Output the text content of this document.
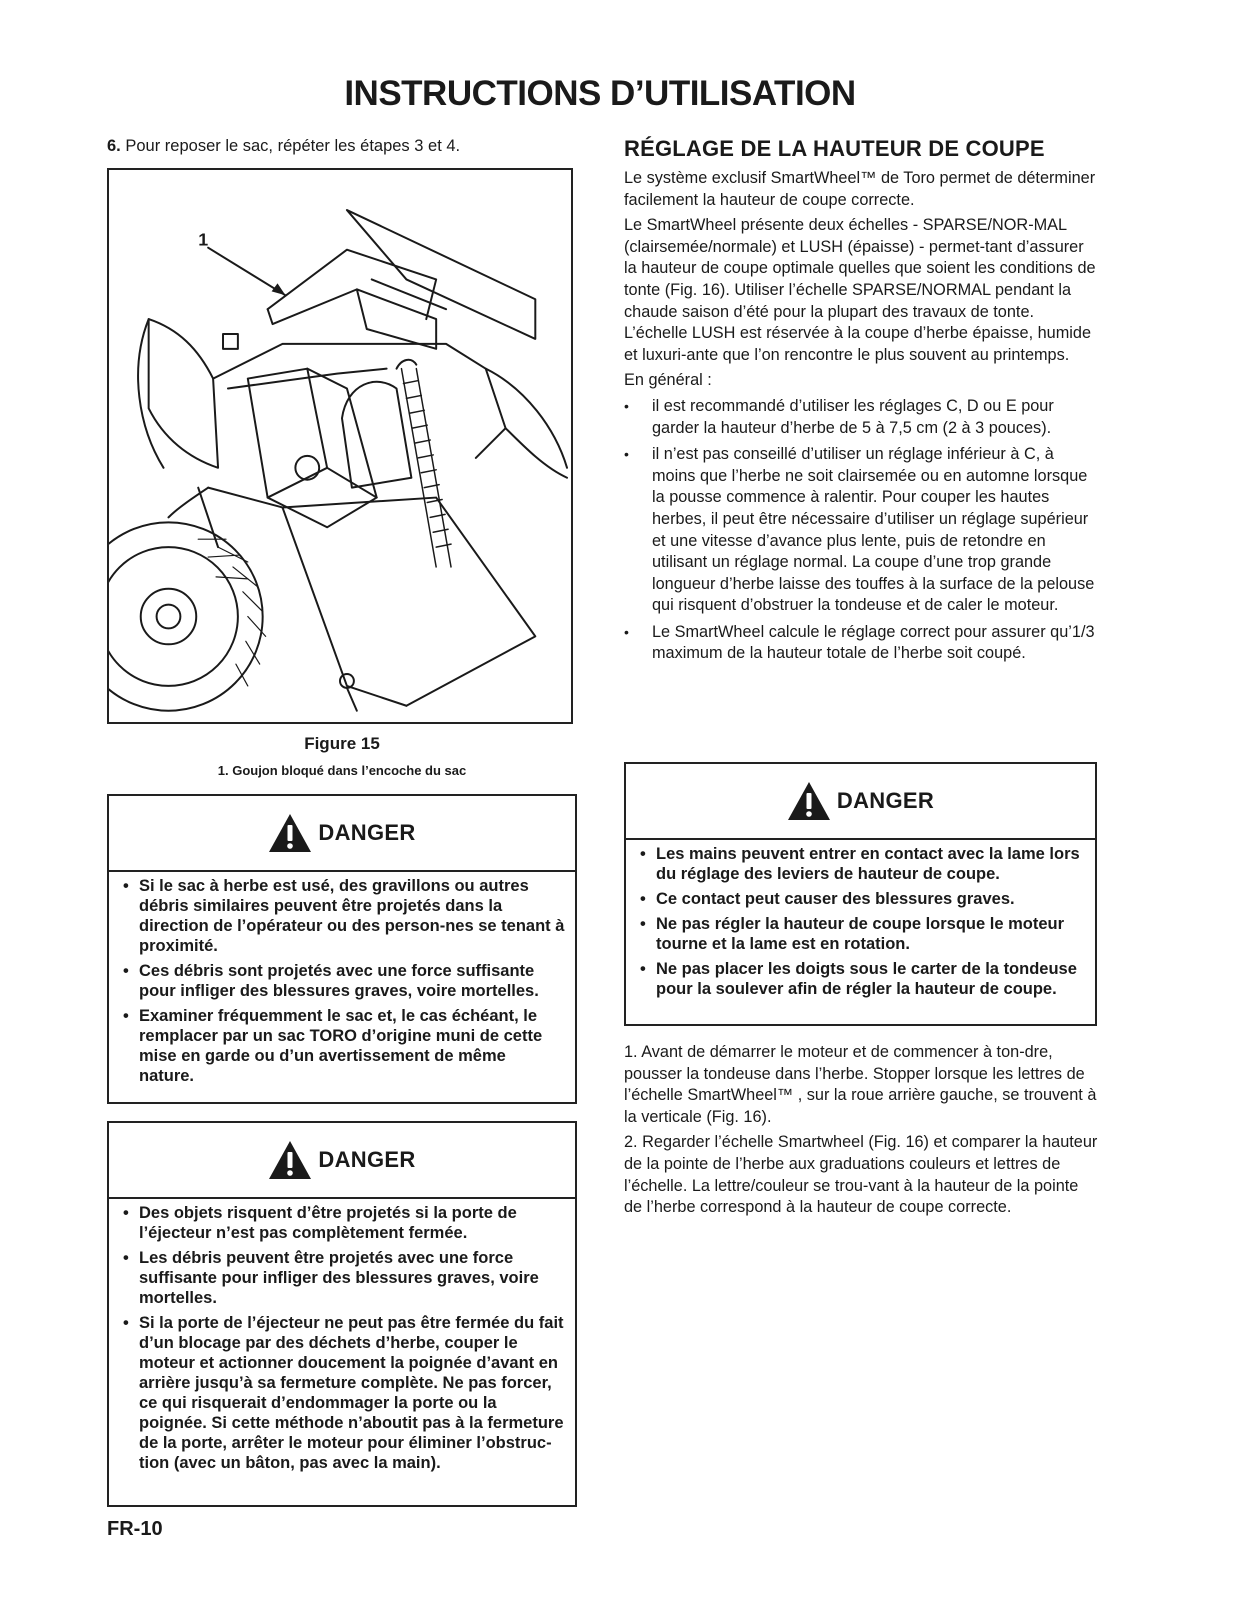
INSTRUCTIONS D’UTILISATION

6. Pour reposer le sac, répéter les étapes 3 et 4.

1
Figure 15
1. Goujon bloqué dans l’encoche du sac
DANGER
• Si le sac à herbe est usé, des gravillons ou autres débris similaires peuvent être projetés dans la direction de l’opérateur ou des person-nes se tenant à proximité.
• Ces débris sont projetés avec une force suffisante pour infliger des blessures graves, voire mortelles.
• Examiner fréquemment le sac et, le cas échéant, le remplacer par un sac TORO d’origine muni de cette mise en garde ou d’un avertissement de même nature.
DANGER
• Des objets risquent d’être projetés si la porte de l’éjecteur n’est pas complètement fermée.
• Les débris peuvent être projetés avec une force suffisante pour infliger des blessures graves, voire mortelles.
• Si la porte de l’éjecteur ne peut pas être fermée du fait d’un blocage par des déchets d’herbe, couper le moteur et actionner doucement la poignée d’avant en arrière jusqu’à sa fermeture complète. Ne pas forcer, ce qui risquerait d’endommager la porte ou la poignée. Si cette méthode n’aboutit pas à la fermeture de la porte, arrêter le moteur pour éliminer l’obstruc-tion (avec un bâton, pas avec la main).
RÉGLAGE DE LA HAUTEUR DE COUPE

Le système exclusif SmartWheel™ de Toro permet de déterminer facilement la hauteur de coupe correcte.

Le SmartWheel présente deux échelles - SPARSE/NOR-MAL (clairsemée/normale) et LUSH (épaisse) - permet-tant d’assurer la hauteur de coupe optimale quelles que soient les conditions de tonte (Fig. 16). Utiliser l’échelle SPARSE/NORMAL pendant la chaude saison d’été pour la plupart des travaux de tonte. L’échelle LUSH est réservée à la coupe d’herbe épaisse, humide et luxuri-ante que l’on rencontre le plus souvent au printemps.

En général :

• il est recommandé d’utiliser les réglages C, D ou E pour garder la hauteur d’herbe de 5 à 7,5 cm (2 à 3 pouces).
• il n’est pas conseillé d’utiliser un réglage inférieur à C, à moins que l’herbe ne soit clairsemée ou en automne lorsque la pousse commence à ralentir. Pour couper les hautes herbes, il peut être nécessaire d’utiliser un réglage supérieur et une vitesse d’avance plus lente, puis de retondre en utilisant un réglage normal. La coupe d’une trop grande longueur d’herbe laisse des touffes à la surface de la pelouse qui risquent d’obstruer la tondeuse et de caler le moteur.
• Le SmartWheel calcule le réglage correct pour assurer qu’1/3 maximum de la hauteur totale de l’herbe soit coupé.
DANGER
• Les mains peuvent entrer en contact avec la lame lors du réglage des leviers de hauteur de coupe.
• Ce contact peut causer des blessures graves.
• Ne pas régler la hauteur de coupe lorsque le moteur tourne et la lame est en rotation.
• Ne pas placer les doigts sous le carter de la tondeuse pour la soulever afin de régler la hauteur de coupe.

1. Avant de démarrer le moteur et de commencer à ton-dre, pousser la tondeuse dans l’herbe. Stopper lorsque les lettres de l’échelle SmartWheel™ , sur la roue arrière gauche, se trouvent à la verticale (Fig. 16).

2. Regarder l’échelle Smartwheel (Fig. 16) et comparer la hauteur de la pointe de l’herbe aux graduations couleurs et lettres de l’échelle. La lettre/couleur se trou-vant à la hauteur de la pointe de l’herbe correspond à la hauteur de coupe correcte.

FR-10
